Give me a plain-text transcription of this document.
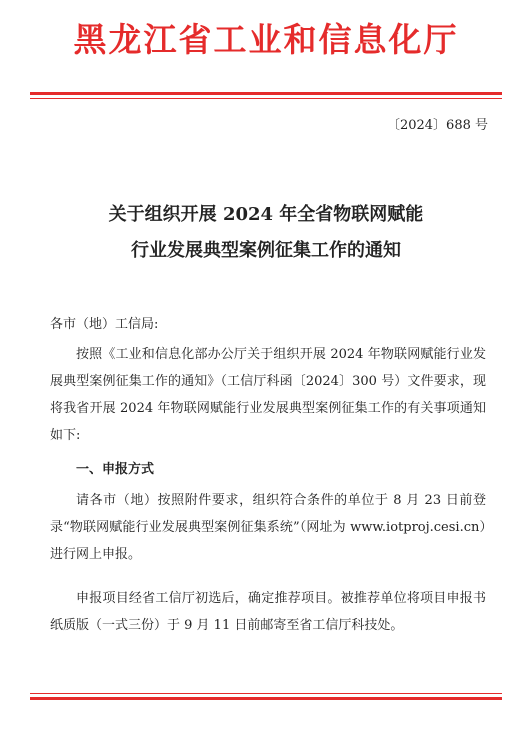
黑龙江省工业和信息化厅
〔2024〕688 号
关于组织开展 2024 年全省物联网赋能
行业发展典型案例征集工作的通知
各市（地）工信局:
按照《工业和信息化部办公厅关于组织开展 2024 年物联网赋能行业发展典型案例征集工作的通知》（工信厅科函〔2024〕300 号）文件要求，现将我省开展 2024 年物联网赋能行业发展典型案例征集工作的有关事项通知如下:
一、申报方式
请各市（地）按照附件要求，组织符合条件的单位于 8 月 23 日前登录“物联网赋能行业发展典型案例征集系统”（网址为 www.iotproj.cesi.cn）进行网上申报。
申报项目经省工信厅初选后，确定推荐项目。被推荐单位将项目申报书纸质版（一式三份）于 9 月 11 日前邮寄至省工信厅科技处。
